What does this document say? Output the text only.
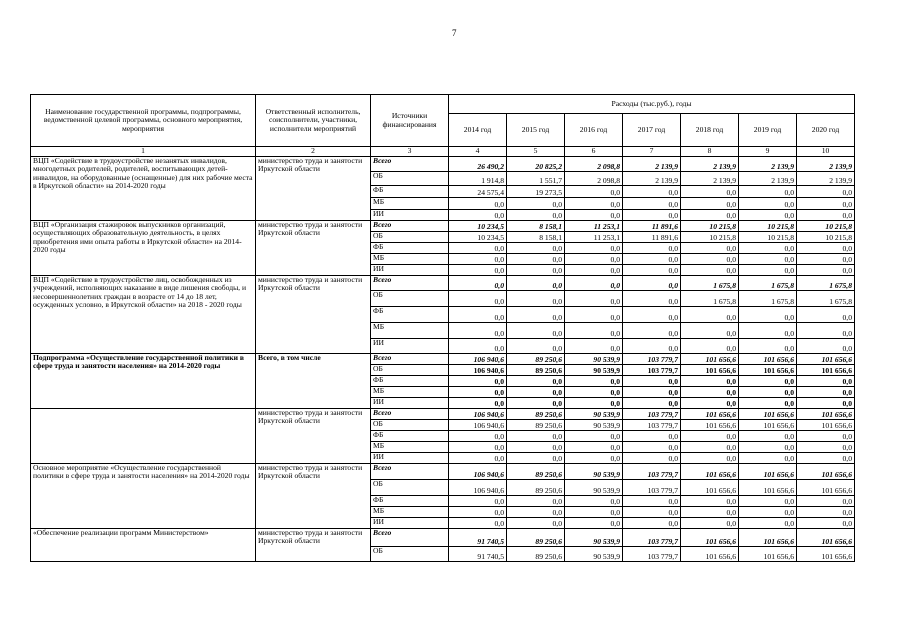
7
Наименование государственной программы, подпрограммы, ведомственной целевой программы, основного мероприятия, мероприятия	Ответственный исполнитель, соисполнители, участники, исполнители мероприятий	Источники финансирования	Расходы (тыс.руб.), годы						
			2014 год	2015 год	2016 год	2017 год	2018 год	2019 год	2020 год
1	2	3	4	5	6	7	8	9	10
ВЦП «Содействие в трудоустройстве незанятых инвалидов, многодетных родителей, родителей, воспитывающих детей-инвалидов, на оборудованные (оснащенные) для них рабочие места в Иркутской области» на 2014-2020 годы	министерство труда и занятости Иркутской области	Всего	26 490,2	20 825,2	2 098,8	2 139,9	2 139,9	2 139,9	2 139,9
		ОБ	1 914,8	1 551,7	2 098,8	2 139,9	2 139,9	2 139,9	2 139,9
		ФБ	24 575,4	19 273,5	0,0	0,0	0,0	0,0	0,0
		МБ	0,0	0,0	0,0	0,0	0,0	0,0	0,0
		ИИ	0,0	0,0	0,0	0,0	0,0	0,0	0,0
ВЦП «Организация стажировок выпускников организаций, осуществляющих образовательную деятельность, в целях приобретения ими опыта работы в Иркутской области» на 2014-2020 годы	министерство труда и занятости Иркутской области	Всего	10 234,5	8 158,1	11 253,1	11 891,6	10 215,8	10 215,8	10 215,8
		ОБ	10 234,5	8 158,1	11 253,1	11 891,6	10 215,8	10 215,8	10 215,8
		ФБ	0,0	0,0	0,0	0,0	0,0	0,0	0,0
		МБ	0,0	0,0	0,0	0,0	0,0	0,0	0,0
		ИИ	0,0	0,0	0,0	0,0	0,0	0,0	0,0
ВЦП «Содействие в трудоустройстве лиц, освобожденных из учреждений, исполняющих наказание в виде лишения свободы, и несовершеннолетних граждан в возрасте от 14 до 18 лет, осужденных условно, в Иркутской области» на 2018 - 2020 годы	министерство труда и занятости Иркутской области	Всего	0,0	0,0	0,0	0,0	1 675,8	1 675,8	1 675,8
		ОБ	0,0	0,0	0,0	0,0	1 675,8	1 675,8	1 675,8
		ФБ	0,0	0,0	0,0	0,0	0,0	0,0	0,0
		МБ	0,0	0,0	0,0	0,0	0,0	0,0	0,0
		ИИ	0,0	0,0	0,0	0,0	0,0	0,0	0,0
Подпрограмма «Осуществление государственной политики в сфере труда и занятости населения» на 2014-2020 годы	Всего, в том числе	Всего	106 940,6	89 250,6	90 539,9	103 779,7	101 656,6	101 656,6	101 656,6
		ОБ	106 940,6	89 250,6	90 539,9	103 779,7	101 656,6	101 656,6	101 656,6
		ФБ	0,0	0,0	0,0	0,0	0,0	0,0	0,0
		МБ	0,0	0,0	0,0	0,0	0,0	0,0	0,0
		ИИ	0,0	0,0	0,0	0,0	0,0	0,0	0,0
	министерство труда и занятости Иркутской области	Всего	106 940,6	89 250,6	90 539,9	103 779,7	101 656,6	101 656,6	101 656,6
		ОБ	106 940,6	89 250,6	90 539,9	103 779,7	101 656,6	101 656,6	101 656,6
		ФБ	0,0	0,0	0,0	0,0	0,0	0,0	0,0
		МБ	0,0	0,0	0,0	0,0	0,0	0,0	0,0
		ИИ	0,0	0,0	0,0	0,0	0,0	0,0	0,0
Основное мероприятие «Осуществление государственной политики в сфере труда и занятости населения» на 2014-2020 годы	министерство труда и занятости Иркутской области	Всего	106 940,6	89 250,6	90 539,9	103 779,7	101 656,6	101 656,6	101 656,6
		ОБ	106 940,6	89 250,6	90 539,9	103 779,7	101 656,6	101 656,6	101 656,6
		ФБ	0,0	0,0	0,0	0,0	0,0	0,0	0,0
		МБ	0,0	0,0	0,0	0,0	0,0	0,0	0,0
		ИИ	0,0	0,0	0,0	0,0	0,0	0,0	0,0
«Обеспечение реализации программ Министерством»	министерство труда и занятости Иркутской области	Всего	91 740,5	89 250,6	90 539,9	103 779,7	101 656,6	101 656,6	101 656,6
		ОБ	91 740,5	89 250,6	90 539,9	103 779,7	101 656,6	101 656,6	101 656,6
